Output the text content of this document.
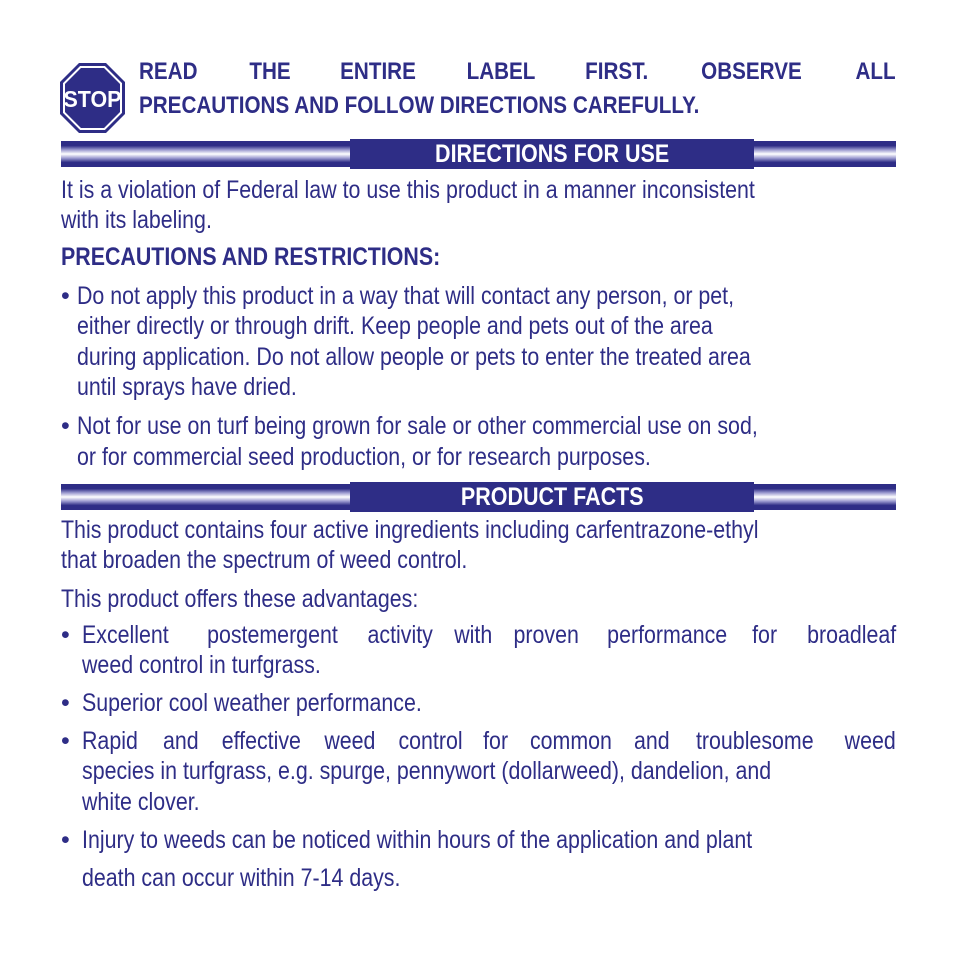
STOP
READ THE ENTIRE LABEL FIRST. OBSERVE ALL
PRECAUTIONS AND FOLLOW DIRECTIONS CAREFULLY.
DIRECTIONS FOR USE
It is a violation of Federal law to use this product in a manner inconsistent
with its labeling.
PRECAUTIONS AND RESTRICTIONS:
• Do not apply this product in a way that will contact any person, or pet,
either directly or through drift. Keep people and pets out of the area
during application. Do not allow people or pets to enter the treated area
until sprays have dried.
• Not for use on turf being grown for sale or other commercial use on sod,
or for commercial seed production, or for research purposes.
PRODUCT FACTS
This product contains four active ingredients including carfentrazone-ethyl
that broaden the spectrum of weed control.
This product offers these advantages:
• Excellent postemergent activity with proven performance for broadleaf
weed control in turfgrass.
• Superior cool weather performance.
• Rapid and effective weed control for common and troublesome weed
species in turfgrass, e.g. spurge, pennywort (dollarweed), dandelion, and
white clover.
• Injury to weeds can be noticed within hours of the application and plant
death can occur within 7-14 days.
